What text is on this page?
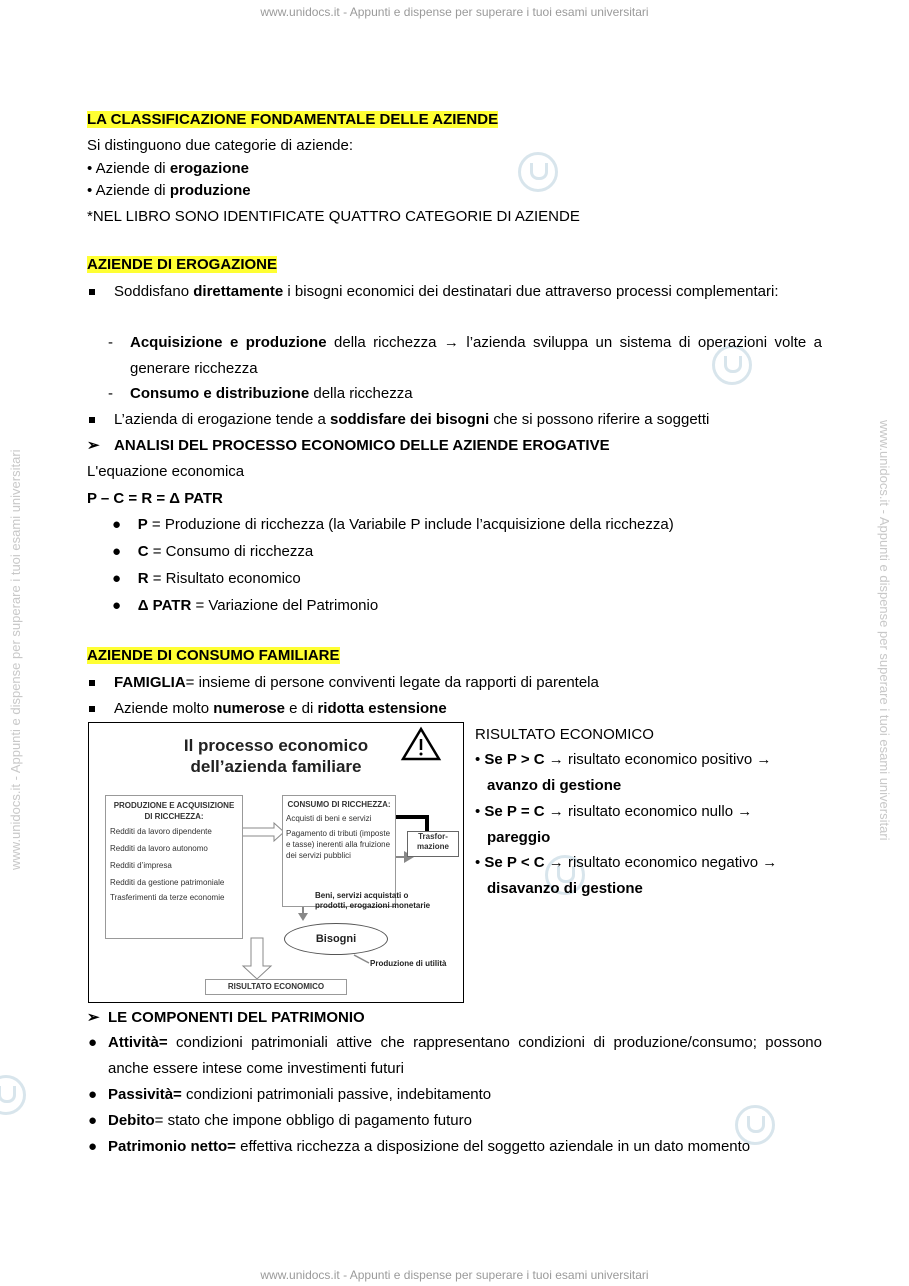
www.unidocs.it - Appunti e dispense per superare i tuoi esami universitari
www.unidocs.it - Appunti e dispense per superare i tuoi esami universitari
www.unidocs.it - Appunti e dispense per superare i tuoi esami universitari	www.unidocs.it - Appunti e dispense per superare i tuoi esami universitari
LA CLASSIFICAZIONE FONDAMENTALE DELLE AZIENDE
Si distinguono due categorie di aziende:
• Aziende di erogazione
• Aziende di produzione
*NEL LIBRO SONO IDENTIFICATE QUATTRO CATEGORIE DI AZIENDE
AZIENDE DI EROGAZIONE
Soddisfano direttamente i bisogni economici dei destinatari due attraverso processi complementari:
- Acquisizione e produzione della ricchezza → l’azienda sviluppa un sistema di operazioni volte a generare ricchezza
- Consumo e distribuzione della ricchezza
L’azienda di erogazione tende a soddisfare dei bisogni che si possono riferire a soggetti
➢ ANALISI DEL PROCESSO ECONOMICO DELLE AZIENDE EROGATIVE
L'equazione economica
P – C = R = Δ PATR
●    P = Produzione di ricchezza (la Variabile P include l’acquisizione della ricchezza)
●    C = Consumo di ricchezza
●    R = Risultato economico
●    Δ PATR = Variazione del Patrimonio
AZIENDE DI CONSUMO FAMILIARE
FAMIGLIA= insieme di persone conviventi legate da rapporti di parentela
Aziende molto numerose e di ridotta estensione
RISULTATO ECONOMICO
• Se P > C → risultato economico positivo →
avanzo di gestione
• Se P = C → risultato economico nullo →
pareggio
• Se P < C → risultato economico negativo →
disavanzo di gestione
➢ LE COMPONENTI DEL PATRIMONIO
● Attività= condizioni patrimoniali attive che rappresentano condizioni di produzione/consumo; possono anche essere intese come investimenti futuri
● Passività= condizioni patrimoniali passive, indebitamento
● Debito= stato che impone obbligo di pagamento futuro
● Patrimonio netto= effettiva ricchezza a disposizione del soggetto aziendale in un dato momento
Il processo economico
dell’azienda familiare
PRODUZIONE E ACQUISIZIONE DI RICCHEZZA:
Redditi da lavoro dipendente
Redditi da lavoro autonomo
Redditi d’impresa
Redditi da gestione patrimoniale
Trasferimenti da terze economie
CONSUMO DI RICCHEZZA:
Acquisti di beni e servizi
Pagamento di tributi (imposte e tasse) inerenti alla fruizione dei servizi pubblici
Trasfor- mazione
Beni, servizi acquistati o prodotti, erogazioni monetarie
Bisogni
Produzione di utilità
RISULTATO ECONOMICO
